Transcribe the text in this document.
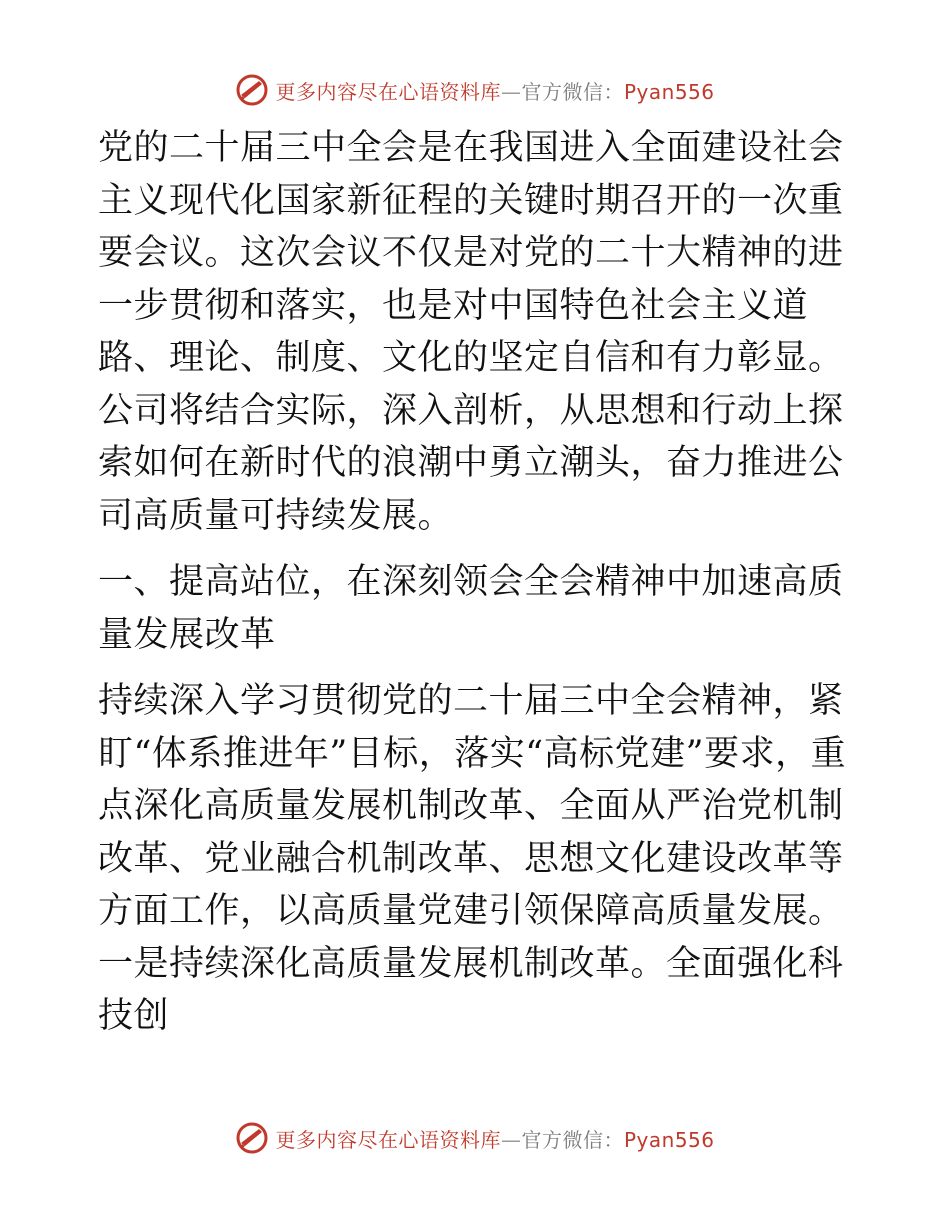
更多内容尽在心语资料库—官方微信：Pyan556

党的二十届三中全会是在我国进入全面建设社会主义现代化国家新征程的关键时期召开的一次重要会议。这次会议不仅是对党的二十大精神的进一步贯彻和落实，也是对中国特色社会主义道路、理论、制度、文化的坚定自信和有力彰显。公司将结合实际，深入剖析，从思想和行动上探索如何在新时代的浪潮中勇立潮头，奋力推进公司高质量可持续发展。

一、提高站位，在深刻领会全会精神中加速高质量发展改革

持续深入学习贯彻党的二十届三中全会精神，紧盯“体系推进年”目标，落实“高标党建”要求，重点深化高质量发展机制改革、全面从严治党机制改革、党业融合机制改革、思想文化建设改革等方面工作，以高质量党建引领保障高质量发展。一是持续深化高质量发展机制改革。全面强化科技创

更多内容尽在心语资料库—官方微信：Pyan556
